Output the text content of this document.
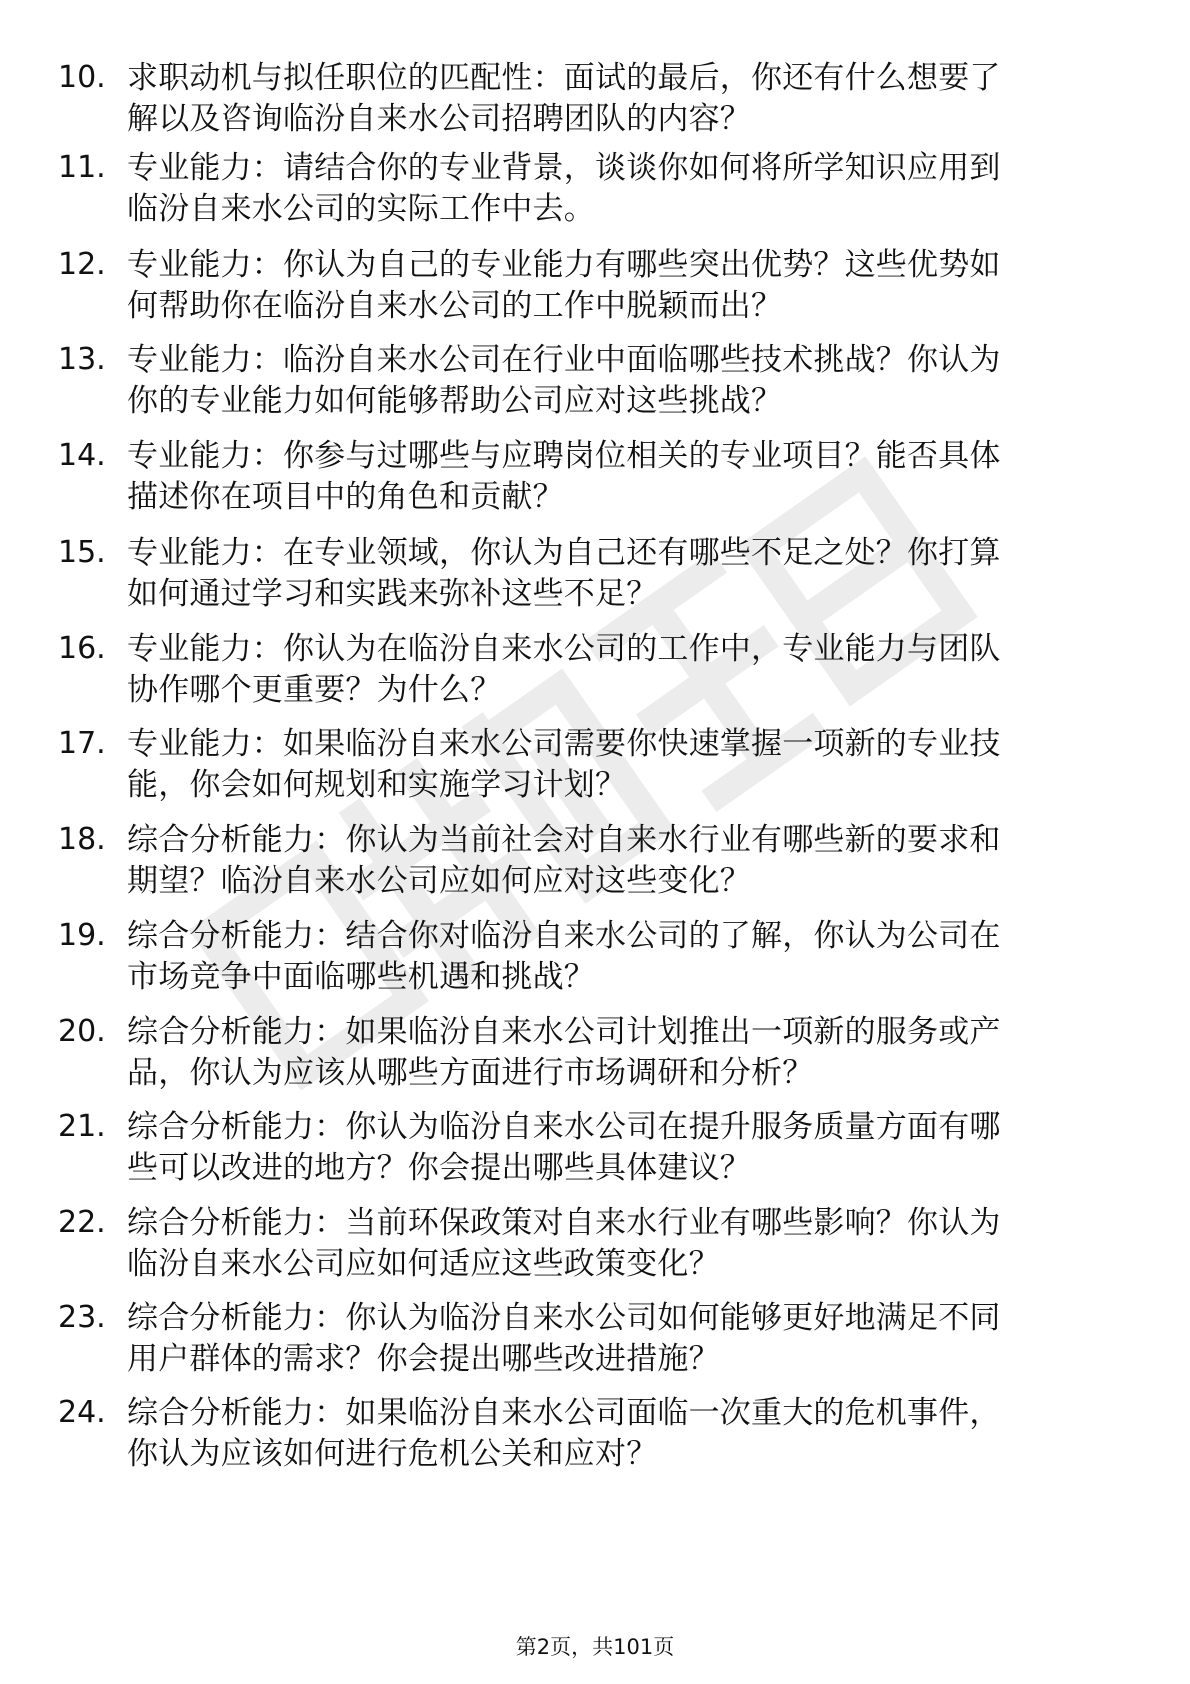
10. 求职动机与拟任职位的匹配性：面试的最后，你还有什么想要了
解以及咨询临汾自来水公司招聘团队的内容？
11. 专业能力：请结合你的专业背景，谈谈你如何将所学知识应用到
临汾自来水公司的实际工作中去。
12. 专业能力：你认为自己的专业能力有哪些突出优势？这些优势如
何帮助你在临汾自来水公司的工作中脱颖而出？
13. 专业能力：临汾自来水公司在行业中面临哪些技术挑战？你认为
你的专业能力如何能够帮助公司应对这些挑战？
14. 专业能力：你参与过哪些与应聘岗位相关的专业项目？能否具体
描述你在项目中的角色和贡献？
15. 专业能力：在专业领域，你认为自己还有哪些不足之处？你打算
如何通过学习和实践来弥补这些不足？
16. 专业能力：你认为在临汾自来水公司的工作中，专业能力与团队
协作哪个更重要？为什么？
17. 专业能力：如果临汾自来水公司需要你快速掌握一项新的专业技
能，你会如何规划和实施学习计划？
18. 综合分析能力：你认为当前社会对自来水行业有哪些新的要求和
期望？临汾自来水公司应如何应对这些变化？
19. 综合分析能力：结合你对临汾自来水公司的了解，你认为公司在
市场竞争中面临哪些机遇和挑战？
20. 综合分析能力：如果临汾自来水公司计划推出一项新的服务或产
品，你认为应该从哪些方面进行市场调研和分析？
21. 综合分析能力：你认为临汾自来水公司在提升服务质量方面有哪
些可以改进的地方？你会提出哪些具体建议？
22. 综合分析能力：当前环保政策对自来水行业有哪些影响？你认为
临汾自来水公司应如何适应这些政策变化？
23. 综合分析能力：你认为临汾自来水公司如何能够更好地满足不同
用户群体的需求？你会提出哪些改进措施？
24. 综合分析能力：如果临汾自来水公司面临一次重大的危机事件，
你认为应该如何进行危机公关和应对？
第2页，共101页
